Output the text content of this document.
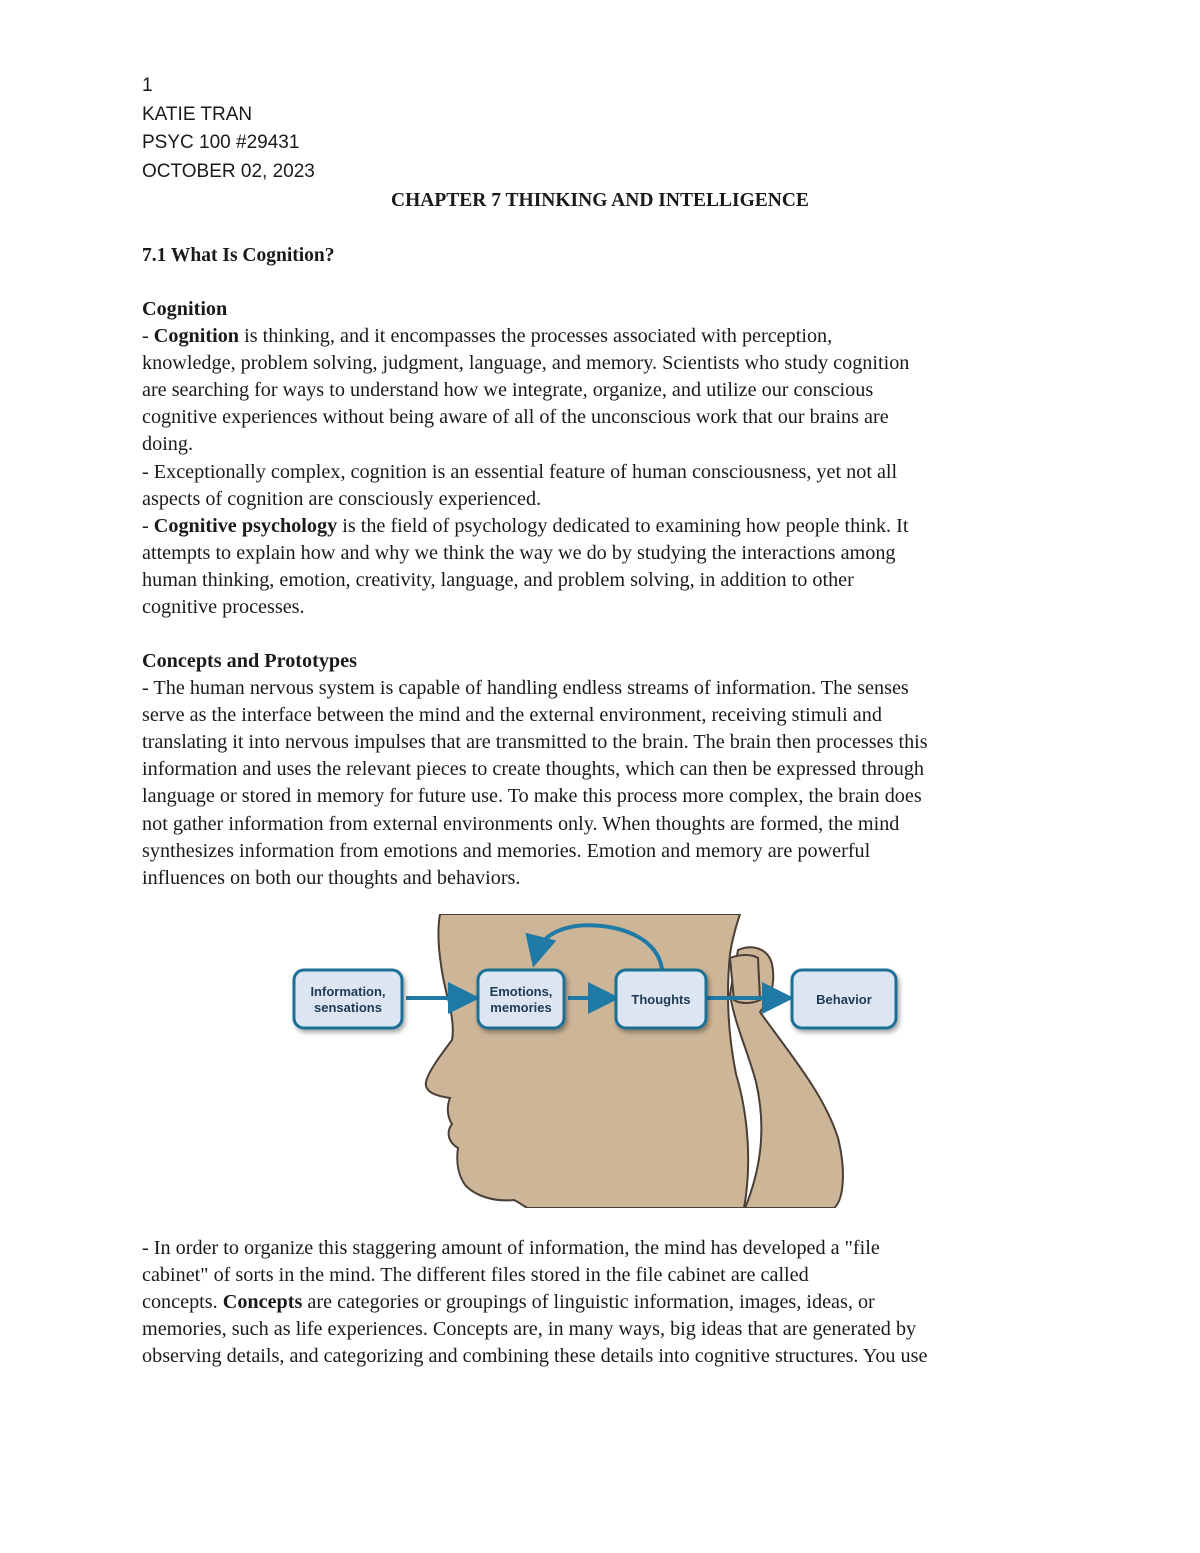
1
KATIE TRAN
PSYC 100 #29431
OCTOBER 02, 2023
CHAPTER 7 THINKING AND INTELLIGENCE
7.1 What Is Cognition?

Cognition

- Cognition is thinking, and it encompasses the processes associated with perception,
knowledge, problem solving, judgment, language, and memory. Scientists who study cognition
are searching for ways to understand how we integrate, organize, and utilize our conscious
cognitive experiences without being aware of all of the unconscious work that our brains are
doing.
- Exceptionally complex, cognition is an essential feature of human consciousness, yet not all
aspects of cognition are consciously experienced.
- Cognitive psychology is the field of psychology dedicated to examining how people think. It
attempts to explain how and why we think the way we do by studying the interactions among
human thinking, emotion, creativity, language, and problem solving, in addition to other
cognitive processes.

Concepts and Prototypes

- The human nervous system is capable of handling endless streams of information. The senses
serve as the interface between the mind and the external environment, receiving stimuli and
translating it into nervous impulses that are transmitted to the brain. The brain then processes this
information and uses the relevant pieces to create thoughts, which can then be expressed through
language or stored in memory for future use. To make this process more complex, the brain does
not gather information from external environments only. When thoughts are formed, the mind
synthesizes information from emotions and memories. Emotion and memory are powerful
influences on both our thoughts and behaviors.
Information,
sensations
Emotions,
memories
Thoughts	Behavior
- In order to organize this staggering amount of information, the mind has developed a "file
cabinet" of sorts in the mind. The different files stored in the file cabinet are called
concepts. Concepts are categories or groupings of linguistic information, images, ideas, or
memories, such as life experiences. Concepts are, in many ways, big ideas that are generated by
observing details, and categorizing and combining these details into cognitive structures. You use
